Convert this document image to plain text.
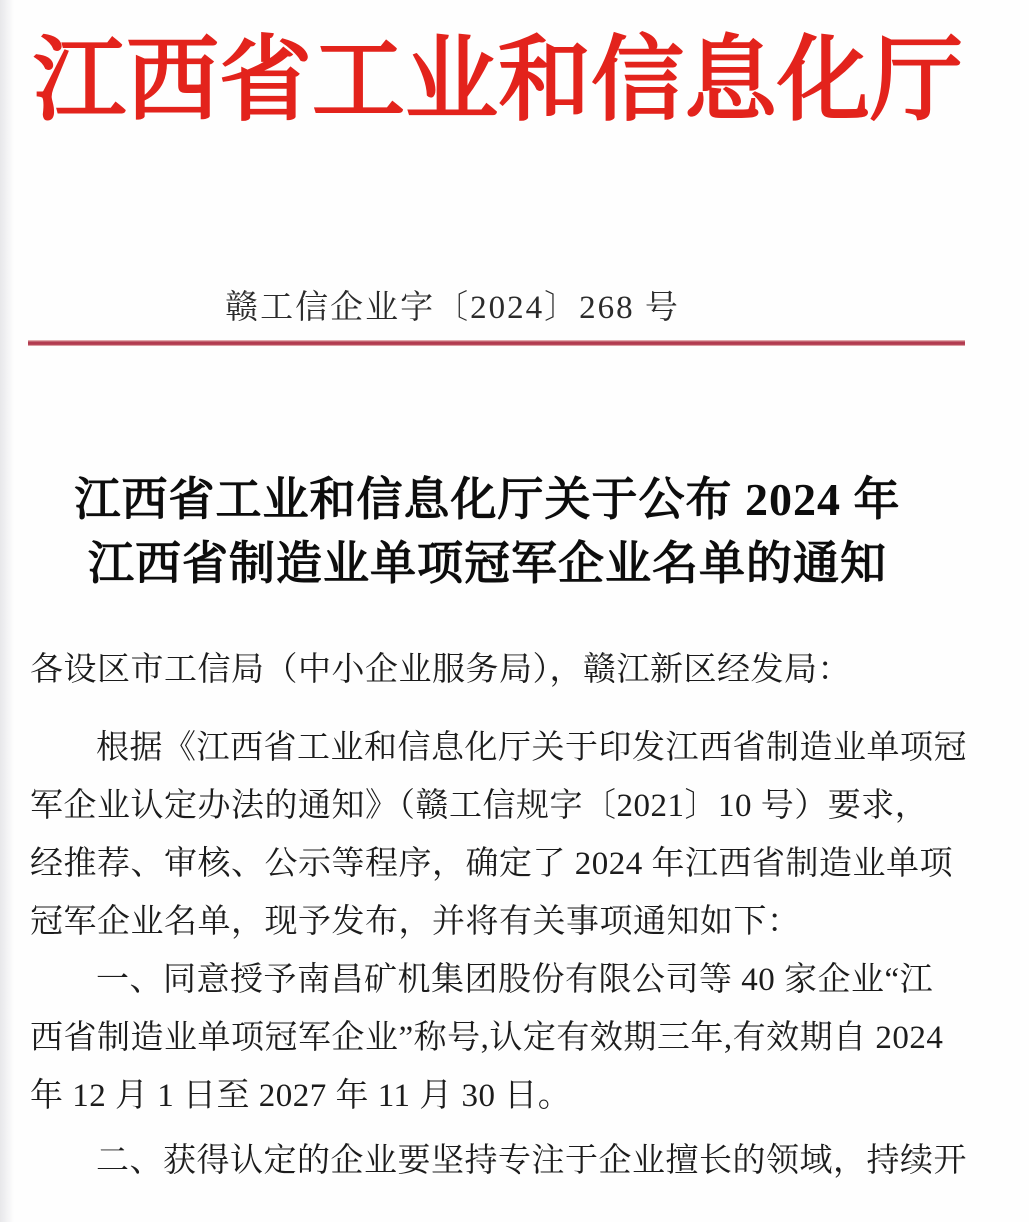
江 西 省 工 业 和 信 息 化 厅
赣工信企业字〔2024〕268 号
江西省工业和信息化厅关于公布 2024 年
江西省制造业单项冠军企业名单的通知
各设区市工信局（中小企业服务局），赣江新区经发局：
根据《江西省工业和信息化厅关于印发江西省制造业单项冠
军企业认定办法的通知》（赣工信规字〔2021〕10 号）要求，
经推荐、审核、公示等程序，确定了 2024 年江西省制造业单项
冠军企业名单，现予发布，并将有关事项通知如下：
一、同意授予南昌矿机集团股份有限公司等 40 家企业“江
西省制造业单项冠军企业”称号,认定有效期三年,有效期自 2024
年 12 月 1 日至 2027 年 11 月 30 日。
二、获得认定的企业要坚持专注于企业擅长的领域，持续开
